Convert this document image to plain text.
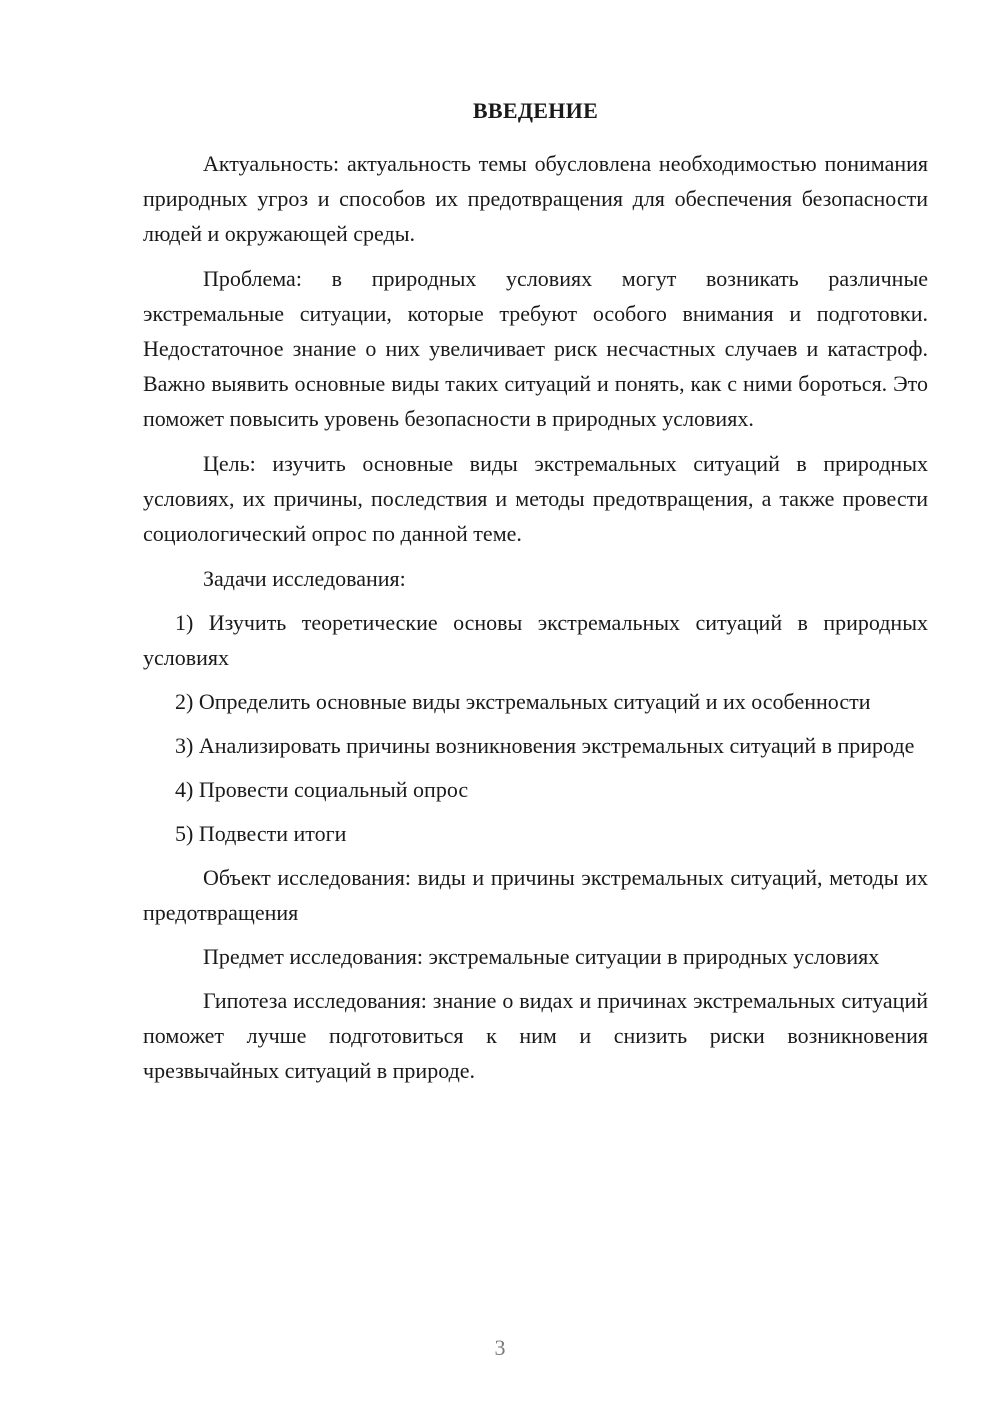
ВВЕДЕНИЕ

Актуальность: актуальность темы обусловлена необходимостью понимания природных угроз и способов их предотвращения для обеспечения безопасности людей и окружающей среды.

Проблема: в природных условиях могут возникать различные экстремальные ситуации, которые требуют особого внимания и подготовки. Недостаточное знание о них увеличивает риск несчастных случаев и катастроф. Важно выявить основные виды таких ситуаций и понять, как с ними бороться. Это поможет повысить уровень безопасности в природных условиях.

Цель: изучить основные виды экстремальных ситуаций в природных условиях, их причины, последствия и методы предотвращения, а также провести социологический опрос по данной теме.

Задачи исследования:

1) Изучить теоретические основы экстремальных ситуаций в природных условиях

2) Определить основные виды экстремальных ситуаций и их особенности

3) Анализировать причины возникновения экстремальных ситуаций в природе

4) Провести социальный опрос

5) Подвести итоги

Объект исследования: виды и причины экстремальных ситуаций, методы их предотвращения

Предмет исследования: экстремальные ситуации в природных условиях

Гипотеза исследования: знание о видах и причинах экстремальных ситуаций поможет лучше подготовиться к ним и снизить риски возникновения чрезвычайных ситуаций в природе.

3
